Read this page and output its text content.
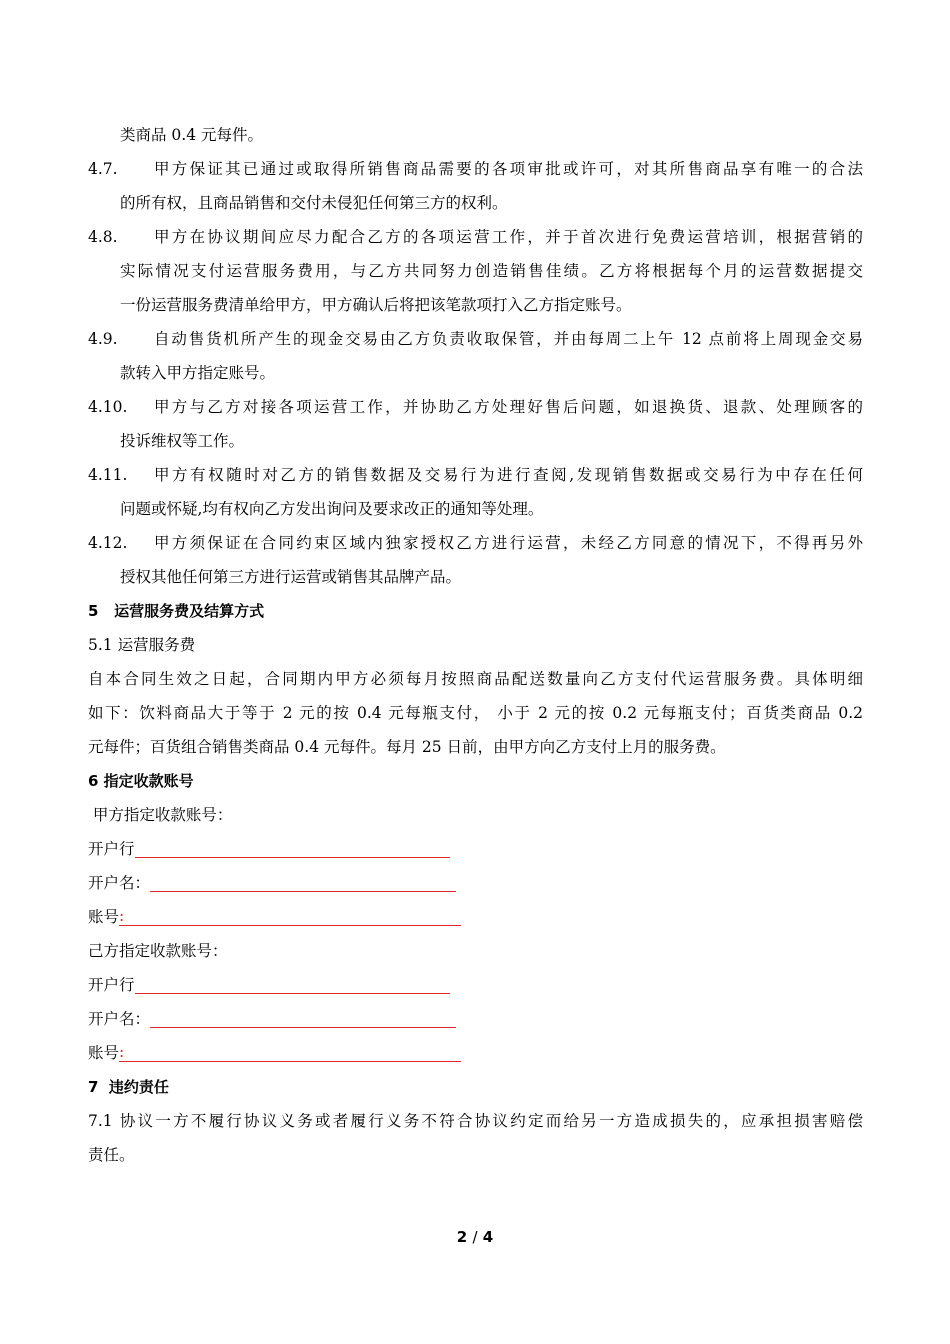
类商品 0.4 元每件。
4.7.	甲方保证其已通过或取得所销售商品需要的各项审批或许可，对其所售商品享有唯一的合法
的所有权，且商品销售和交付未侵犯任何第三方的权利。
4.8.	甲方在协议期间应尽力配合乙方的各项运营工作，并于首次进行免费运营培训，根据营销的
实际情况支付运营服务费用，与乙方共同努力创造销售佳绩。乙方将根据每个月的运营数据提交
一份运营服务费清单给甲方，甲方确认后将把该笔款项打入乙方指定账号。
4.9.	自动售货机所产生的现金交易由乙方负责收取保管，并由每周二上午 12 点前将上周现金交易
款转入甲方指定账号。
4.10.	甲方与乙方对接各项运营工作，并协助乙方处理好售后问题，如退换货、退款、处理顾客的
投诉维权等工作。
4.11.	甲方有权随时对乙方的销售数据及交易行为进行查阅,发现销售数据或交易行为中存在任何
问题或怀疑,均有权向乙方发出询问及要求改正的通知等处理。
4.12.	甲方须保证在合同约束区域内独家授权乙方进行运营，未经乙方同意的情况下，不得再另外
授权其他任何第三方进行运营或销售其品牌产品。
5   运营服务费及结算方式
5.1 运营服务费
自本合同生效之日起，合同期内甲方必须每月按照商品配送数量向乙方支付代运营服务费。具体明细
如下：饮料商品大于等于 2 元的按 0.4 元每瓶支付， 小于 2 元的按 0.2 元每瓶支付；百货类商品 0.2
元每件；百货组合销售类商品 0.4 元每件。每月 25 日前，由甲方向乙方支付上月的服务费。
6 指定收款账号
甲方指定收款账号：
开户行
开户名：
账号 :
己方指定收款账号：
开户行
开户名：
账号 :
7  违约责任
7.1 协议一方不履行协议义务或者履行义务不符合协议约定而给另一方造成损失的，应承担损害赔偿
责任。
2 / 4
